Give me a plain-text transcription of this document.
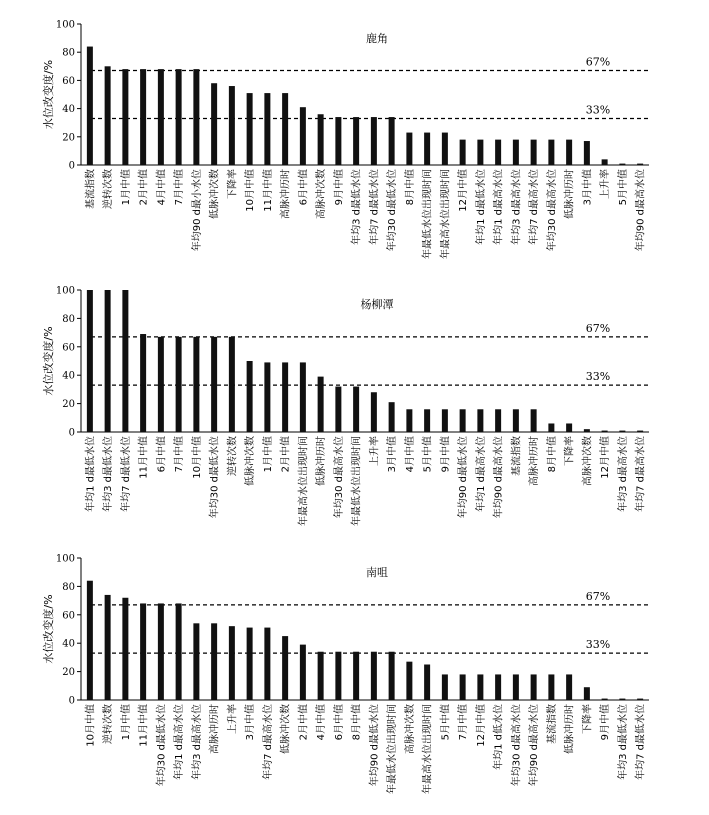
0
20
40
60
80
100
水位改变度/%	67%
33%
鹿角
基流指数 逆转次数 1月中值 2月中值 4月中值 7月中值 年均90 d最小水位 低脉冲次数 下降率 10月中值 11月中值 高脉冲历时 6月中值 高脉冲次数 9月中值 年均3 d最低水位 年均7 d最低水位 年均30 d最低水位 8月中值 年最低水位出现时间 年最高水位出现时间 12月中值 年均1 d最低水位 年均1 d最高水位 年均3 d最高水位 年均7 d最高水位 年均30 d最高水位 低脉冲历时 3月中值 上升率 5月中值 年均90 d最高水位
0
20
40
60
80
100
水位改变度/%	67%
33%
杨柳潭
年均1 d最低水位 年均3 d最低水位 年均7 d最低水位 11月中值 6月中值 7月中值 10月中值 年均30 d最低水位 逆转次数 低脉冲次数 1月中值 2月中值 年最高水位出现时间 低脉冲历时 年均30 d最高水位 年最低水位出现时间 上升率 3月中值 4月中值 5月中值 9月中值 年均90 d最低水位 年均1 d最高水位 年均90 d最高水位 基流指数 高脉冲历时 8月中值 下降率 高脉冲次数 12月中值 年均3 d最高水位 年均7 d最高水位
0
20
40
60
80
100
水位改变度/%	67%
33%
南咀
10月中值 逆转次数 1月中值 11月中值 年均30 d最低水位 年均1 d最高水位 年均3 d最高水位 高脉冲历时 上升率 3月中值 年均7 d最高水位 低脉冲次数 2月中值 4月中值 6月中值 8月中值 年均90 d最低水位 年最低水位出现时间 高脉冲次数 年最高水位出现时间 5月中值 7月中值 12月中值 年均1 d低水位 年均30 d最高水位 年均90 d最高水位 基流指数 低脉冲历时 下降率 9月中值 年均3 d最低水位 年均7 d最低水位
